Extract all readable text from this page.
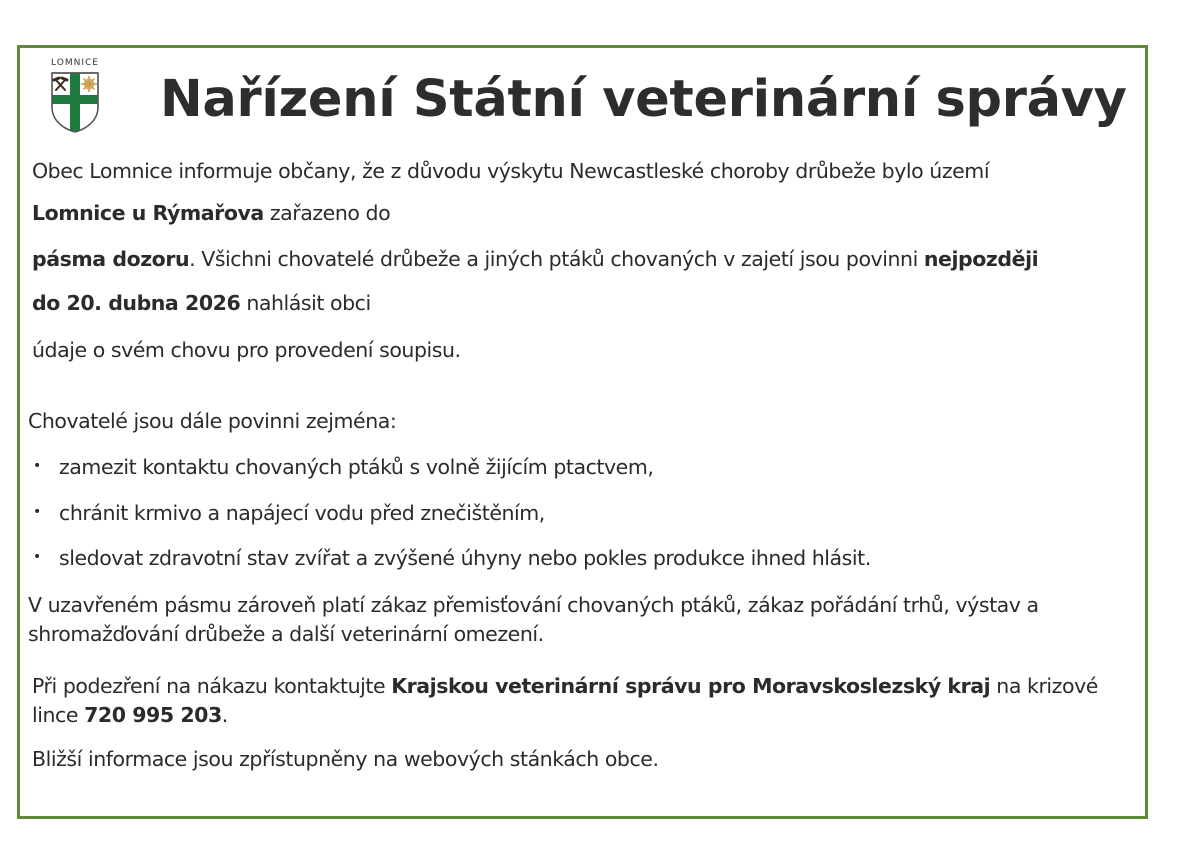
LOMNICE
Nařízení Státní veterinární správy
Obec Lomnice informuje občany, že z důvodu výskytu Newcastleské choroby drůbeže bylo území
Lomnice u Rýmařova zařazeno do
pásma dozoru. Všichni chovatelé drůbeže a jiných ptáků chovaných v zajetí jsou povinni nejpozději
do 20. dubna 2026 nahlásit obci
údaje o svém chovu pro provedení soupisu.
Chovatelé jsou dále povinni zejména:
• zamezit kontaktu chovaných ptáků s volně žijícím ptactvem,
• chránit krmivo a napájecí vodu před znečištěním,
• sledovat zdravotní stav zvířat a zvýšené úhyny nebo pokles produkce ihned hlásit.
V uzavřeném pásmu zároveň platí zákaz přemisťování chovaných ptáků, zákaz pořádání trhů, výstav a
shromažďování drůbeže a další veterinární omezení.
Při podezření na nákazu kontaktujte Krajskou veterinární správu pro Moravskoslezský kraj na krizové
lince 720 995 203.
Bližší informace jsou zpřístupněny na webových stánkách obce.
